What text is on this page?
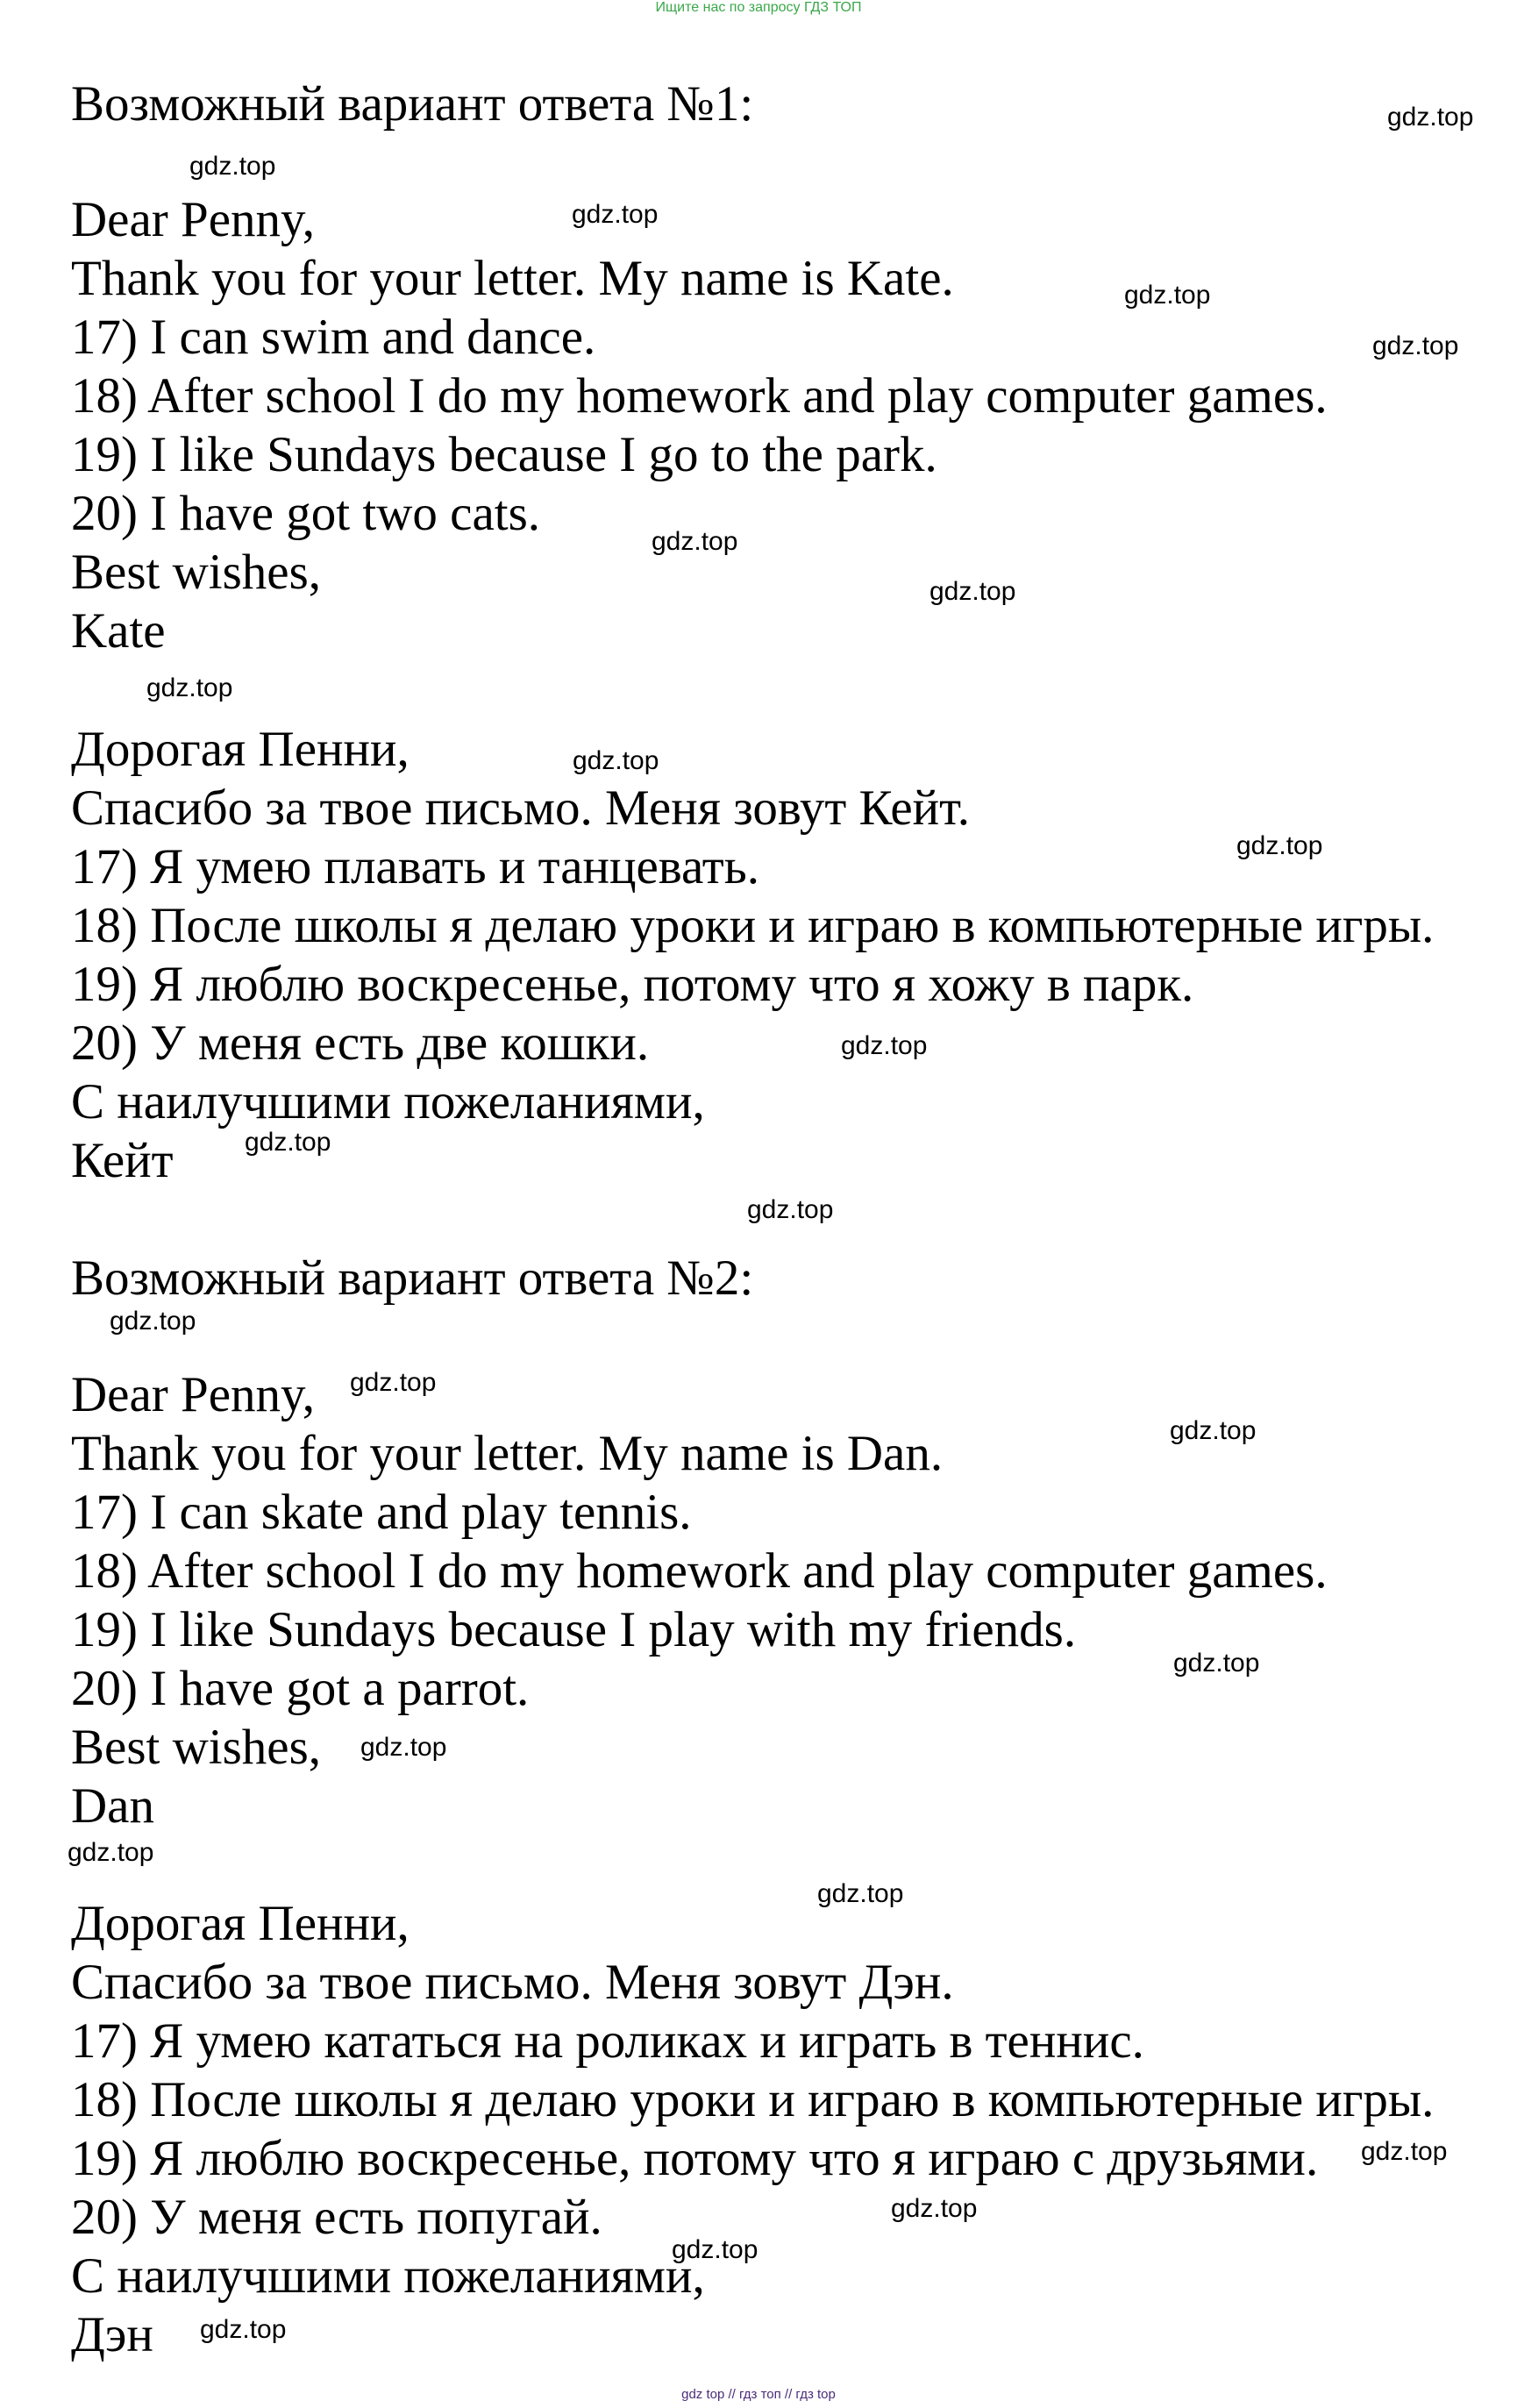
Ищите нас по запросу ГДЗ ТОП
Возможный вариант ответа №1:
Dear Penny,
Thank you for your letter. My name is Kate.
17) I can swim and dance.
18) After school I do my homework and play computer games.
19) I like Sundays because I go to the park.
20) I have got two cats.
Best wishes,
Kate
Дорогая Пенни,
Спасибо за твое письмо. Меня зовут Кейт.
17) Я умею плавать и танцевать.
18) После школы я делаю уроки и играю в компьютерные игры.
19) Я люблю воскресенье, потому что я хожу в парк.
20) У меня есть две кошки.
С наилучшими пожеланиями,
Кейт
Возможный вариант ответа №2:
Dear Penny,
Thank you for your letter. My name is Dan.
17) I can skate and play tennis.
18) After school I do my homework and play computer games.
19) I like Sundays because I play with my friends.
20) I have got a parrot.
Best wishes,
Dan
Дорогая Пенни,
Спасибо за твое письмо. Меня зовут Дэн.
17) Я умею кататься на роликах и играть в теннис.
18) После школы я делаю уроки и играю в компьютерные игры.
19) Я люблю воскресенье, потому что я играю с друзьями.
20) У меня есть попугай.
С наилучшими пожеланиями,
Дэн
gdz.top
gdz.top
gdz.top
gdz.top
gdz.top
gdz.top
gdz.top
gdz.top
gdz.top
gdz.top
gdz.top
gdz.top
gdz.top
gdz.top
gdz.top
gdz.top
gdz.top
gdz.top
gdz.top
gdz.top
gdz.top
gdz.top
gdz.top
gdz.top
gdz top // гдз топ // гдз top
